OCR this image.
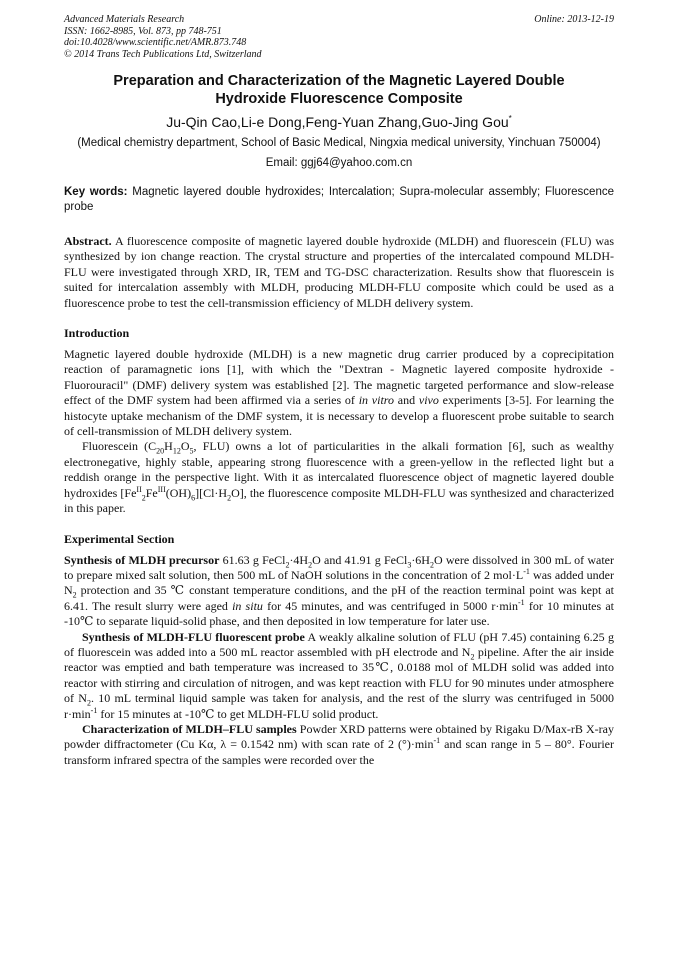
Advanced Materials Research
ISSN: 1662-8985, Vol. 873, pp 748-751
doi:10.4028/www.scientific.net/AMR.873.748
© 2014 Trans Tech Publications Ltd, Switzerland
Online: 2013-12-19
Preparation and Characterization of the Magnetic Layered Double
Hydroxide Fluorescence Composite
Ju-Qin Cao,Li-e Dong,Feng-Yuan Zhang,Guo-Jing Gou*
(Medical chemistry department, School of Basic Medical, Ningxia medical university, Yinchuan 750004)
Email: ggj64@yahoo.com.cn
Key words: Magnetic layered double hydroxides; Intercalation; Supra-molecular assembly; Fluorescence probe

Abstract. A fluorescence composite of magnetic layered double hydroxide (MLDH) and fluorescein (FLU) was synthesized by ion change reaction. The crystal structure and properties of the intercalated compound MLDH-FLU were investigated through XRD, IR, TEM and TG-DSC characterization. Results show that fluorescein is suited for intercalation assembly with MLDH, producing MLDH-FLU composite which could be used as a fluorescence probe to test the cell-transmission efficiency of MLDH delivery system.

Introduction

Magnetic layered double hydroxide (MLDH) is a new magnetic drug carrier produced by a coprecipitation reaction of paramagnetic ions [1], with which the "Dextran - Magnetic layered composite hydroxide - Fluorouracil" (DMF) delivery system was established [2]. The magnetic targeted performance and slow-release effect of the DMF system had been affirmed via a series of in vitro and vivo experiments [3-5]. For learning the histocyte uptake mechanism of the DMF system, it is necessary to develop a fluorescent probe suitable to search of cell-transmission of MLDH delivery system.

Fluorescein ($C_{20}H_{12}O_5$, FLU) owns a lot of particularities in the alkali formation [6], such as wealthy electronegative, highly stable, appearing strong fluorescence with a green-yellow in the reflected light but a reddish orange in the perspective light. With it as intercalated fluorescence object of magnetic layered double hydroxides $[Fe^{II}_2Fe^{III}(OH)_6][Cl\cdot H_2O]$, the fluorescence composite MLDH-FLU was synthesized and characterized in this paper.

Experimental Section

Synthesis of MLDH precursor 61.63 g $FeCl_2\cdot 4H_2O$ and 41.91 g $FeCl_3\cdot 6H_2O$ were dissolved in 300 mL of water to prepare mixed salt solution, then 500 mL of NaOH solutions in the concentration of 2 $mol\cdot L^{-1}$ was added under $N_2$ protection and 35 ℃ constant temperature conditions, and the pH of the reaction terminal point was kept at 6.41. The result slurry were aged in situ for 45 minutes, and was centrifuged in 5000 $r\cdot\min^{-1}$ for 10 minutes at -10℃ to separate liquid-solid phase, and then deposited in low temperature for later use.

Synthesis of MLDH-FLU fluorescent probe A weakly alkaline solution of FLU (pH 7.45) containing 6.25 g of fluorescein was added into a 500 mL reactor assembled with pH electrode and $N_2$ pipeline. After the air inside reactor was emptied and bath temperature was increased to 35℃, 0.0188 mol of MLDH solid was added into reactor with stirring and circulation of nitrogen, and was kept reaction with FLU for 90 minutes under atmosphere of $N_2$. 10 mL terminal liquid sample was taken for analysis, and the rest of the slurry was centrifuged in 5000 $r\cdot\min^{-1}$ for 15 minutes at -10℃ to get MLDH-FLU solid product.

Characterization of MLDH–FLU samples Powder XRD patterns were obtained by Rigaku D/Max-rB X-ray powder diffractometer (Cu Kα, λ = 0.1542 nm) with scan rate of 2 $(^\circ)\cdot\min^{-1}$ and scan range in 5 – 80°. Fourier transform infrared spectra of the samples were recorded over the
